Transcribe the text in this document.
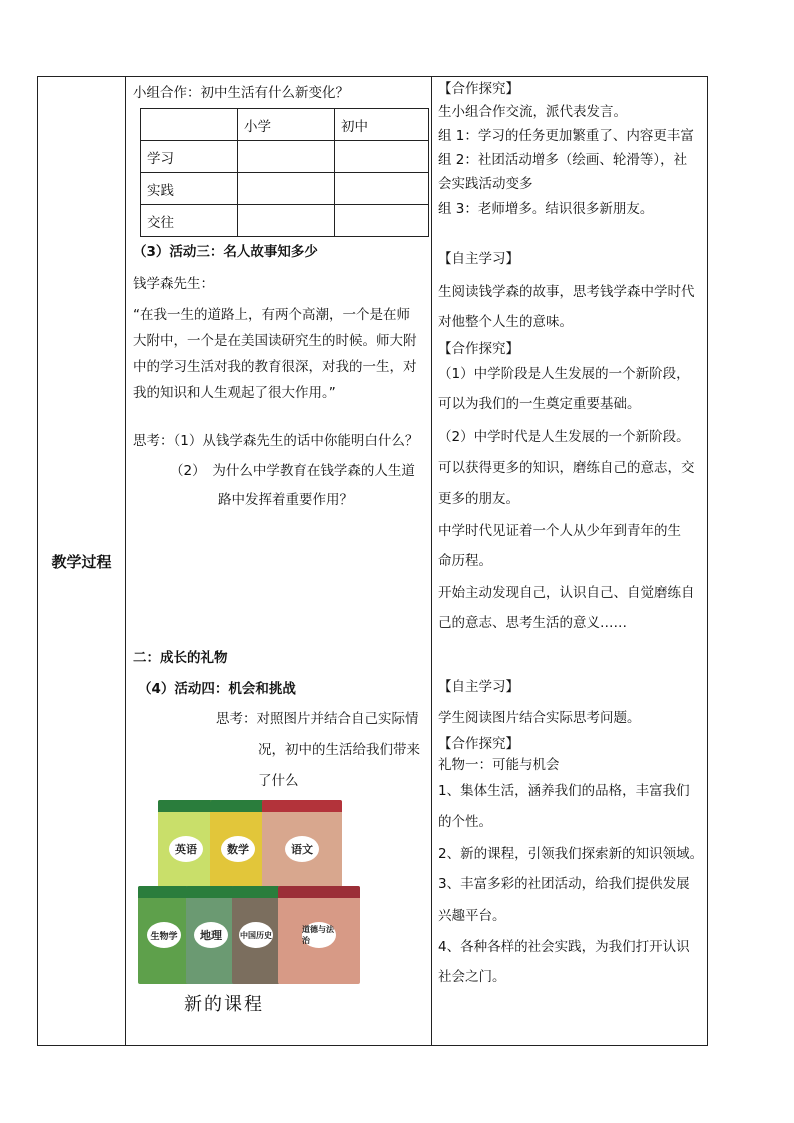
教学过程
小组合作：初中生活有什么新变化？
	小学	初中
学习		
实践		
交往		
（3）活动三：名人故事知多少
钱学森先生：
“在我一生的道路上，有两个高潮，一个是在师
大附中，一个是在美国读研究生的时候。师大附
中的学习生活对我的教育很深，对我的一生，对
我的知识和人生观起了很大作用。”
思考：（1）从钱学森先生的话中你能明白什么？
（2）　为什么中学教育在钱学森的人生道
路中发挥着重要作用？
二：成长的礼物
（4）活动四：机会和挑战
思考：对照图片并结合自己实际情
况，初中的生活给我们带来
了什么
英语	数学	语文
生物学	地理	中国历史
道德与法治
新的课程
【合作探究】
生小组合作交流，派代表发言。
组 1：学习的任务更加繁重了、内容更丰富
组 2：社团活动增多（绘画、轮滑等），社
会实践活动变多
组 3：老师增多。结识很多新朋友。
【自主学习】
生阅读钱学森的故事，思考钱学森中学时代
对他整个人生的意味。
【合作探究】
（1）中学阶段是人生发展的一个新阶段，
可以为我们的一生奠定重要基础。
（2）中学时代是人生发展的一个新阶段。
可以获得更多的知识，磨练自己的意志，交
更多的朋友。
中学时代见证着一个人从少年到青年的生
命历程。
开始主动发现自己，认识自己、自觉磨练自
己的意志、思考生活的意义……
【自主学习】
学生阅读图片结合实际思考问题。
【合作探究】
礼物一：可能与机会
1、集体生活，涵养我们的品格，丰富我们
的个性。
2、新的课程，引领我们探索新的知识领域。
3、丰富多彩的社团活动，给我们提供发展
兴趣平台。
4、各种各样的社会实践，为我们打开认识
社会之门。
